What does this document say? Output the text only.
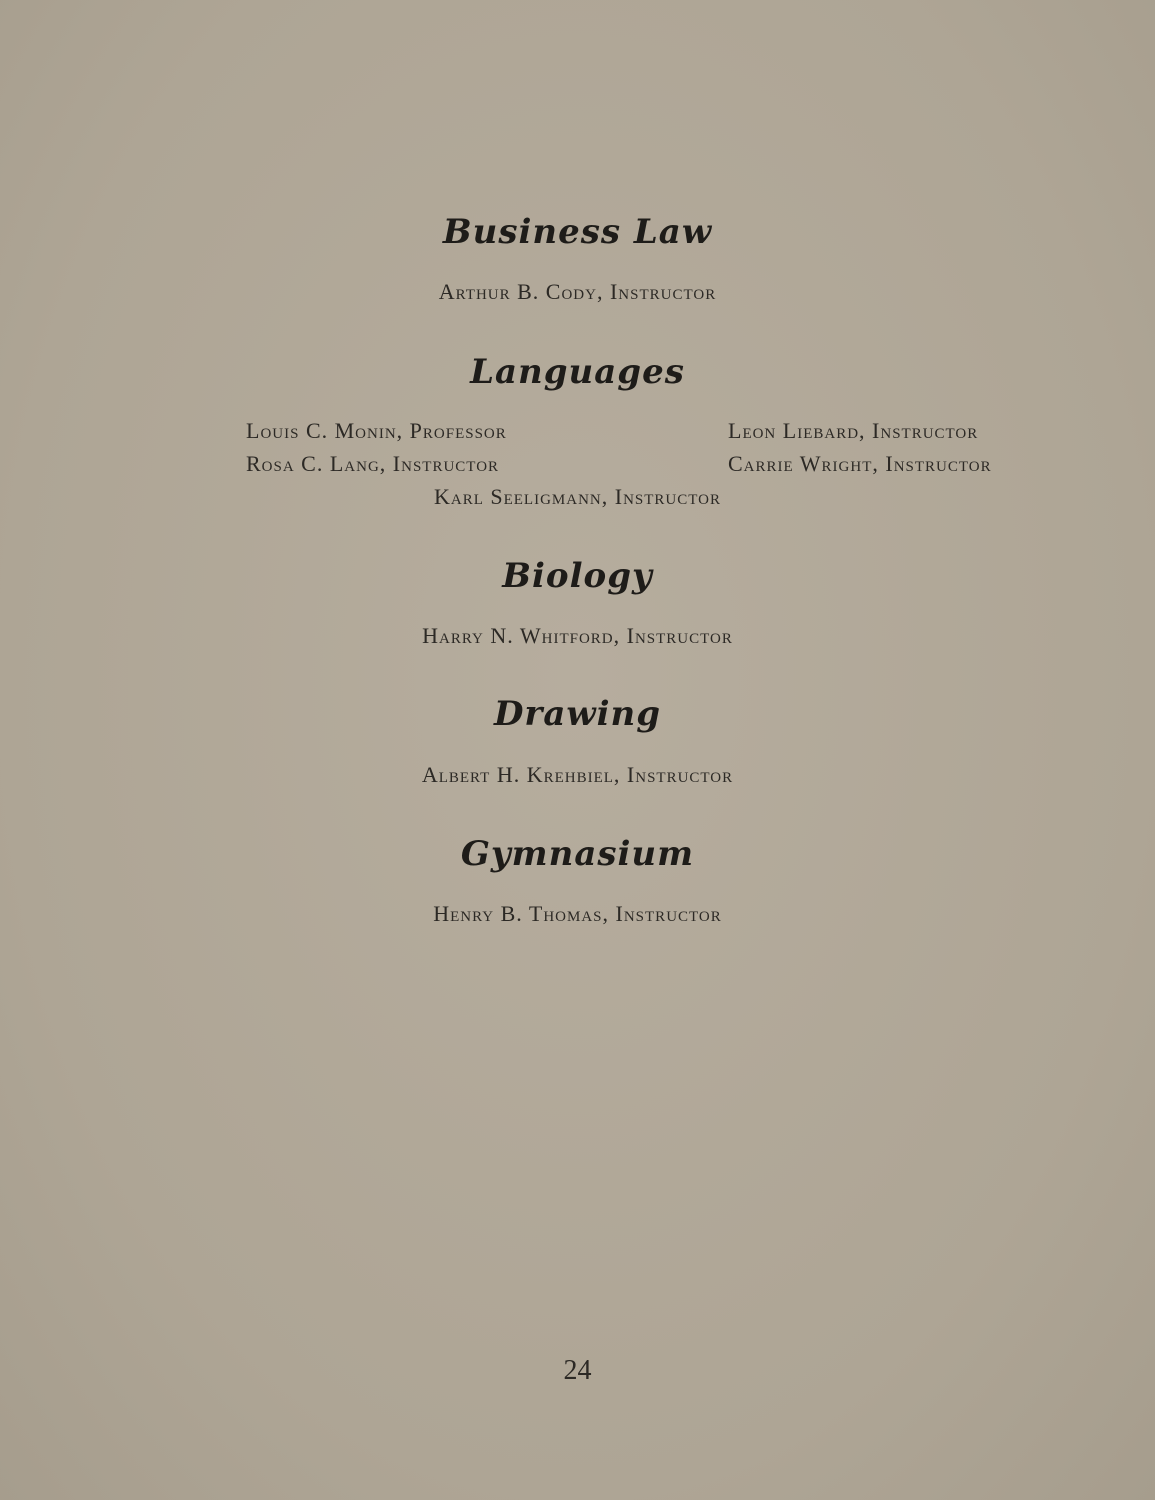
Business Law
Arthur B. Cody, Instructor
Languages
Louis C. Monin, Professor	Leon Liebard, Instructor
Rosa C. Lang, Instructor	Carrie Wright, Instructor
Karl Seeligmann, Instructor
Biology
Harry N. Whitford, Instructor
Drawing
Albert H. Krehbiel, Instructor
Gymnasium
Henry B. Thomas, Instructor
24
